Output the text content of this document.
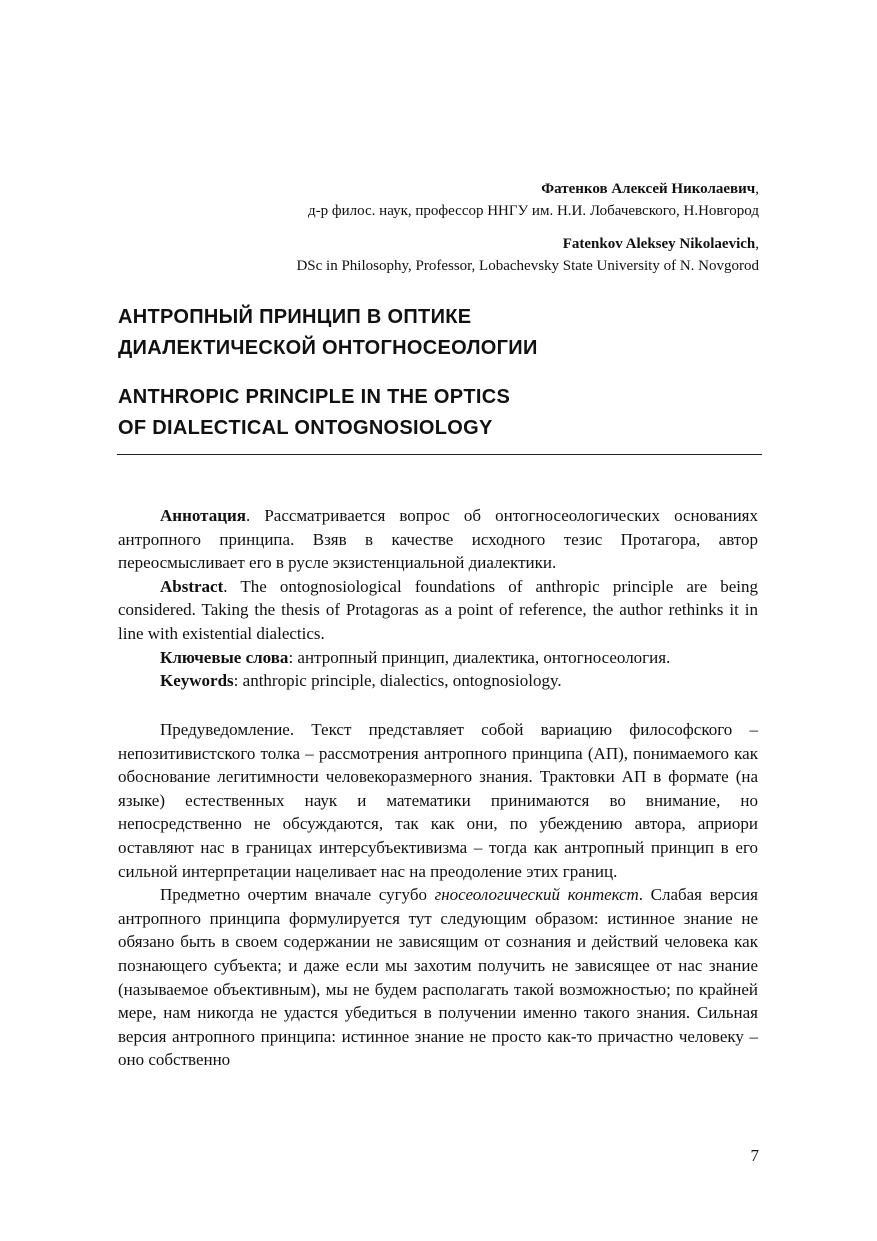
Фатенков Алексей Николаевич,
д-р филос. наук, профессор ННГУ им. Н.И. Лобачевского, Н.Новгород
Fatenkov Aleksey Nikolaevich,
DSc in Philosophy, Professor, Lobachevsky State University of N. Novgorod
АНТРОПНЫЙ ПРИНЦИП В ОПТИКЕ
ДИАЛЕКТИЧЕСКОЙ ОНТОГНОСЕОЛОГИИ
ANTHROPIC PRINCIPLE IN THE OPTICS
OF DIALECTICAL ONTOGNOSIOLOGY

Аннотация. Рассматривается вопрос об онтогносеологических основаниях антропного принципа. Взяв в качестве исходного тезис Протагора, автор переосмысливает его в русле экзистенциальной диалектики.

Abstract. The ontognosiological foundations of anthropic principle are being considered. Taking the thesis of Protagoras as a point of reference, the author rethinks it in line with existential dialectics.

Ключевые слова: антропный принцип, диалектика, онтогносеология.

Keywords: anthropic principle, dialectics, ontognosiology.

Предуведомление. Текст представляет собой вариацию философского – непозитивистского толка – рассмотрения антропного принципа (АП), понимаемого как обоснование легитимности человекоразмерного знания. Трактовки АП в формате (на языке) естественных наук и математики принимаются во внимание, но непосредственно не обсуждаются, так как они, по убеждению автора, априори оставляют нас в границах интерсубъективизма – тогда как антропный принцип в его сильной интерпретации нацеливает нас на преодоление этих границ.

Предметно очертим вначале сугубо гносеологический контекст. Слабая версия антропного принципа формулируется тут следующим образом: истинное знание не обязано быть в своем содержании не зависящим от сознания и действий человека как познающего субъекта; и даже если мы захотим получить не зависящее от нас знание (называемое объективным), мы не будем располагать такой возможностью; по крайней мере, нам никогда не удастся убедиться в получении именно такого знания. Сильная версия антропного принципа: истинное знание не просто как-то причастно человеку – оно собственно

7
